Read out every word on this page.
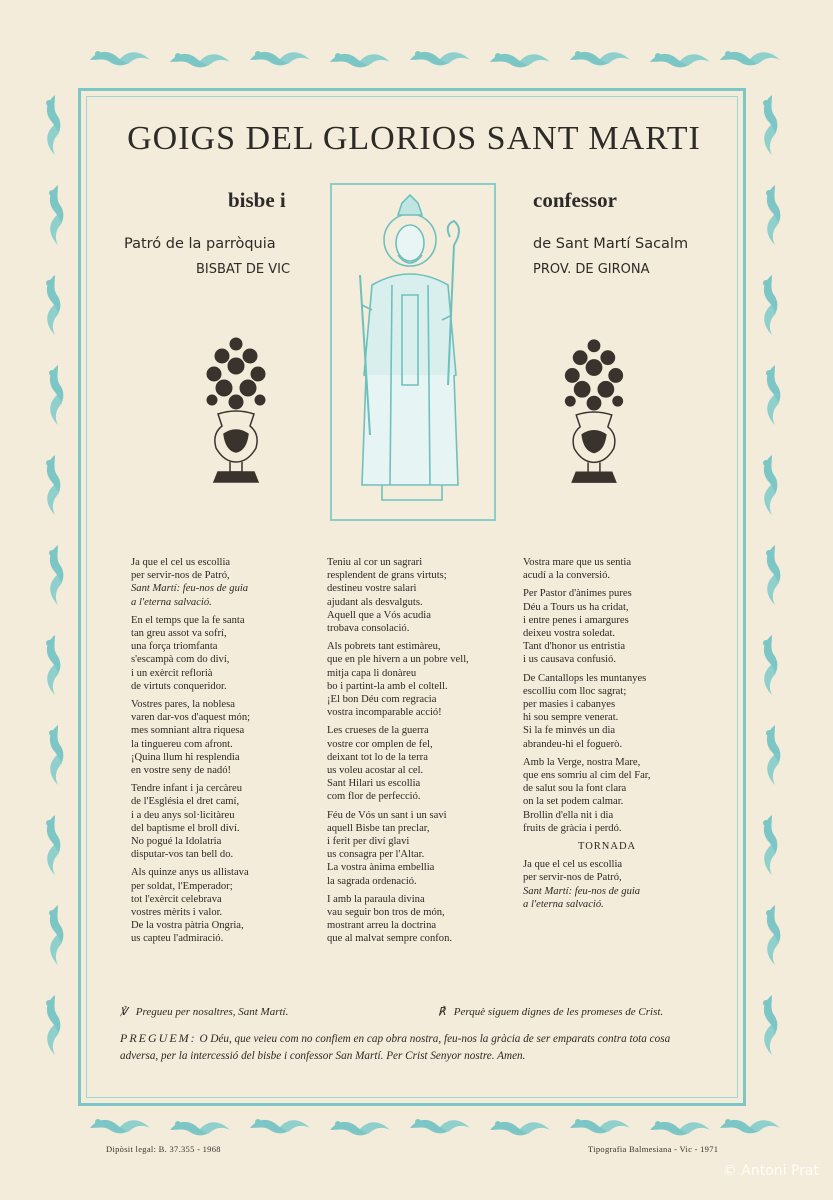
GOIGS DEL GLORIOS SANT MARTI
bisbe i	confessor
Patró de la parròquia	de Sant Martí Sacalm
BISBAT DE VIC	PROV. DE GIRONA

Ja que el cel us escollia

per servir-nos de Patró,

Sant Martí: feu-nos de guia

a l'eterna salvació.

En el temps que la fe santa

tan greu assot va sofrí,

una força triomfanta

s'escampà com do diví,

i un exèrcit reflorià

de virtuts conqueridor.

Vostres pares, la noblesa

varen dar-vos d'aquest món;

mes somniant altra riquesa

la tinguereu com afront.

¡Quina llum hi resplendia

en vostre seny de nadó!

Tendre infant i ja cercàreu

de l'Església el dret camí,

i a deu anys sol·licitàreu

del baptisme el broll diví.

No pogué la Idolatria

disputar-vos tan bell do.

Als quinze anys us allistava

per soldat, l'Emperador;

tot l'exèrcit celebrava

vostres mèrits i valor.

De la vostra pàtria Ongria,

us capteu l'admiració.

Teniu al cor un sagrari

resplendent de grans virtuts;

destineu vostre salari

ajudant als desvalguts.

Aquell que a Vós acudia

trobava consolació.

Als pobrets tant estimàreu,

que en ple hivern a un pobre vell,

mitja capa li donàreu

bo i partint-la amb el coltell.

¡El bon Déu com regracia

vostra incomparable acció!

Les crueses de la guerra

vostre cor omplen de fel,

deixant tot lo de la terra

us voleu acostar al cel.

Sant Hilari us escollia

com flor de perfecció.

Féu de Vós un sant i un savi

aquell Bisbe tan preclar,

i ferit per diví glavi

us consagra per l'Altar.

La vostra ànima embellia

la sagrada ordenació.

I amb la paraula divina

vau seguir bon tros de món,

mostrant arreu la doctrina

que al malvat sempre confon.

Vostra mare que us sentia

acudí a la conversió.

Per Pastor d'ànimes pures

Déu a Tours us ha cridat,

i entre penes i amargures

deixeu vostra soledat.

Tant d'honor us entristia

i us causava confusió.

De Cantallops les muntanyes

escolliu com lloc sagrat;

per masies i cabanyes

hi sou sempre venerat.

Si la fe minvés un dia

abrandeu-hi el foguerò.

Amb la Verge, nostra Mare,

que ens somriu al cim del Far,

de salut sou la font clara

on la set podem calmar.

Brollin d'ella nit i dia

fruits de gràcia i perdó.

TORNADA

Ja que el cel us escollia

per servir-nos de Patró,

Sant Martí: feu-nos de guia

a l'eterna salvació.

℣ Pregueu per nosaltres, Sant Martí.	℟ Perquè siguem dignes de les promeses de Crist.
PREGUEM: O Déu, que veieu com no confiem en cap obra nostra, feu-nos la gràcia de ser emparats contra tota cosa adversa, per la intercessió del bisbe i confessor San Martí. Per Crist Senyor nostre. Amen.
Dipòsit legal: B. 37.355 - 1968	Tipografia Balmesiana - Vic - 1971
© Antoni Prat
